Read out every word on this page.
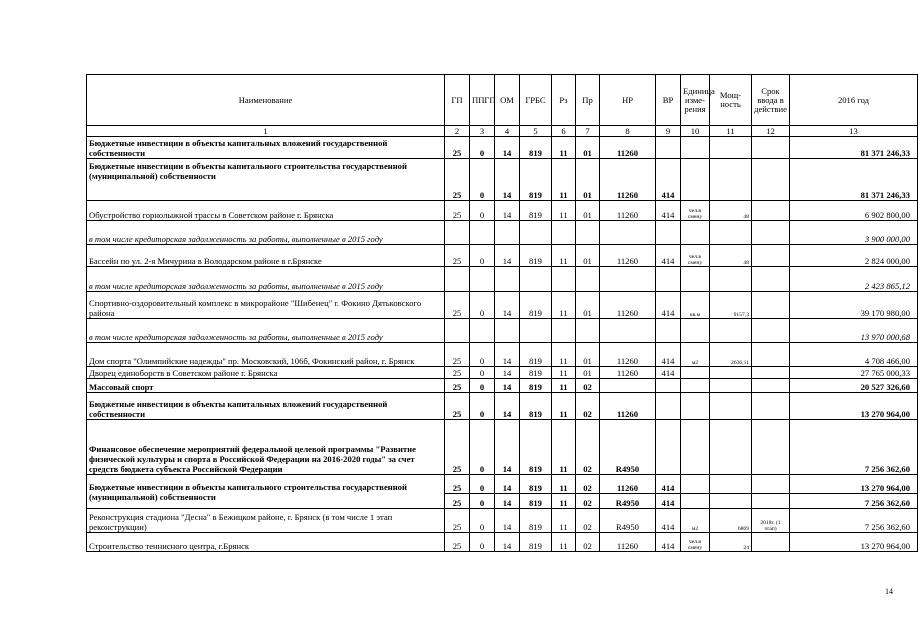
Наименование	ГП	ППГП	ОМ	ГРБС	Рз	Пр	НР	ВР	Единица изме-рения	Мощ-ность	Срок ввода в действие	2016 год
1	2	3	4	5	6	7	8	9	10	11	12	13
Бюджетные инвестиции в объекты капитальных вложений государственной собственности	25	0	14	819	11	01	11260					81 371 246,33
Бюджетные инвестиции в объекты капитального строительства государственной (муниципальной) собственности	25	0	14	819	11	01	11260	414				81 371 246,33
Обустройство горнолыжной трассы в Советском районе г. Брянска	25	0	14	819	11	01	11260	414	чел.в смену	48		6 902 800,00
в том числе кредиторская задолженность за работы, выполненные в 2015 году												3 900 000,00
Бассейн по ул. 2-я Мичурина в Володарском районе в г.Брянске	25	0	14	819	11	01	11260	414	чел.в смену	48		2 824 000,00
в том числе кредиторская задолженность за работы, выполненные в 2015 году												2 423 865,12
Спортивно-оздоровительный комплекс в микрорайоне "Шибенец" г. Фокино Дятьковского района	25	0	14	819	11	01	11260	414	кв.м	9157,3		39 170 980,00
в том числе кредиторская задолженность за работы, выполненные в 2015 году												13 970 000,68
Дом спорта "Олимпийские надежды" пр. Московский, 106б, Фокинский район, г. Брянск	25	0	14	819	11	01	11260	414	м2	2636,11		4 708 466,00
Дворец единоборств в Советском районе г. Брянска	25	0	14	819	11	01	11260	414				27 765 000,33
Массовый спорт	25	0	14	819	11	02						20 527 326,60
Бюджетные инвестиции в объекты капитальных вложений государственной собственности	25	0	14	819	11	02	11260					13 270 964,00
Финансовое обеспечение мероприятий федеральной целевой программы "Развитие физической культуры и спорта в Российской Федерации на 2016-2020 годы" за счет средств бюджета субъекта Российской Федерации	25	0	14	819	11	02	R4950					7 256 362,60
Бюджетные инвестиции в объекты капитального строительства государственной (муниципальной) собственности	25	0	14	819	11	02	11260	414				13 270 964,00
	25	0	14	819	11	02	R4950	414				7 256 362,60
Реконструкция стадиона "Десна" в Бежицком районе, г. Брянск (в том числе 1 этап реконструкции)	25	0	14	819	11	02	R4950	414	м2	6869	2018г. (1 этап)	7 256 362,60
Строительство теннисного центра, г.Брянск	25	0	14	819	11	02	11260	414	чел.в смену	24		13 270 964,00
14
